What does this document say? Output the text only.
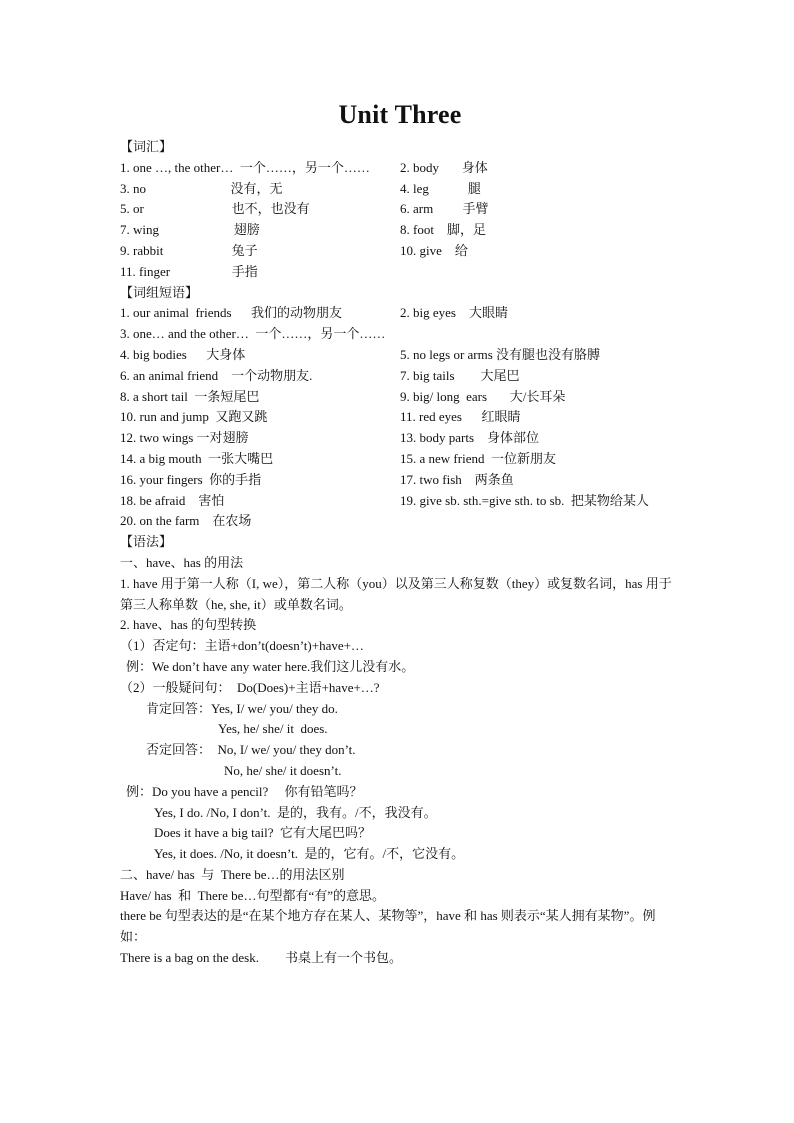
Unit Three
【词汇】
1. one …, the other…  一个……，另一个…… 2. body       身体
3. no                          没有，无	4. leg            腿
5. or                           也不，也没有	6. arm         手臂
7. wing                       翅膀	8. foot    脚，足
9. rabbit                     兔子	10. give    给
11. finger                   手指
【词组短语】
1. our animal  friends      我们的动物朋友	2. big eyes    大眼睛
3. one… and the other…  一个……，另一个……
4. big bodies      大身体	5. no legs or arms 没有腿也没有胳膊
6. an animal friend    一个动物朋友.	7. big tails        大尾巴
8. a short tail  一条短尾巴	9. big/ long  ears       大/长耳朵
10. run and jump  又跑又跳	11. red eyes      红眼睛
12. two wings 一对翅膀	13. body parts    身体部位
14. a big mouth  一张大嘴巴	15. a new friend  一位新朋友
16. your fingers  你的手指	17. two fish    两条鱼
18. be afraid    害怕	19. give sb. sth.=give sth. to sb.  把某物给某人
20. on the farm    在农场
【语法】
一、have、has 的用法
1. have 用于第一人称（I, we），第二人称（you）以及第三人称复数（they）或复数名词，has 用于第三人称单数（he, she, it）或单数名词。
2. have、has 的句型转换
（1）否定句：主语+don’t(doesn’t)+have+…
例：We don’t have any water here.我们这儿没有水。
（2）一般疑问句：  Do(Does)+主语+have+…?
肯定回答：Yes, I/ we/ you/ they do.
Yes, he/ she/ it  does.
否定回答：  No, I/ we/ you/ they don’t.
No, he/ she/ it doesn’t.
例：Do you have a pencil?     你有铅笔吗？
Yes, I do. /No, I don’t.  是的，我有。/不，我没有。
Does it have a big tail?  它有大尾巴吗？
Yes, it does. /No, it doesn’t.  是的，它有。/不，它没有。
二、have/ has  与  There be…的用法区别
Have/ has  和  There be…句型都有“有”的意思。
there be 句型表达的是“在某个地方存在某人、某物等”，have 和 has 则表示“某人拥有某物”。例如：
There is a bag on the desk.        书桌上有一个书包。
